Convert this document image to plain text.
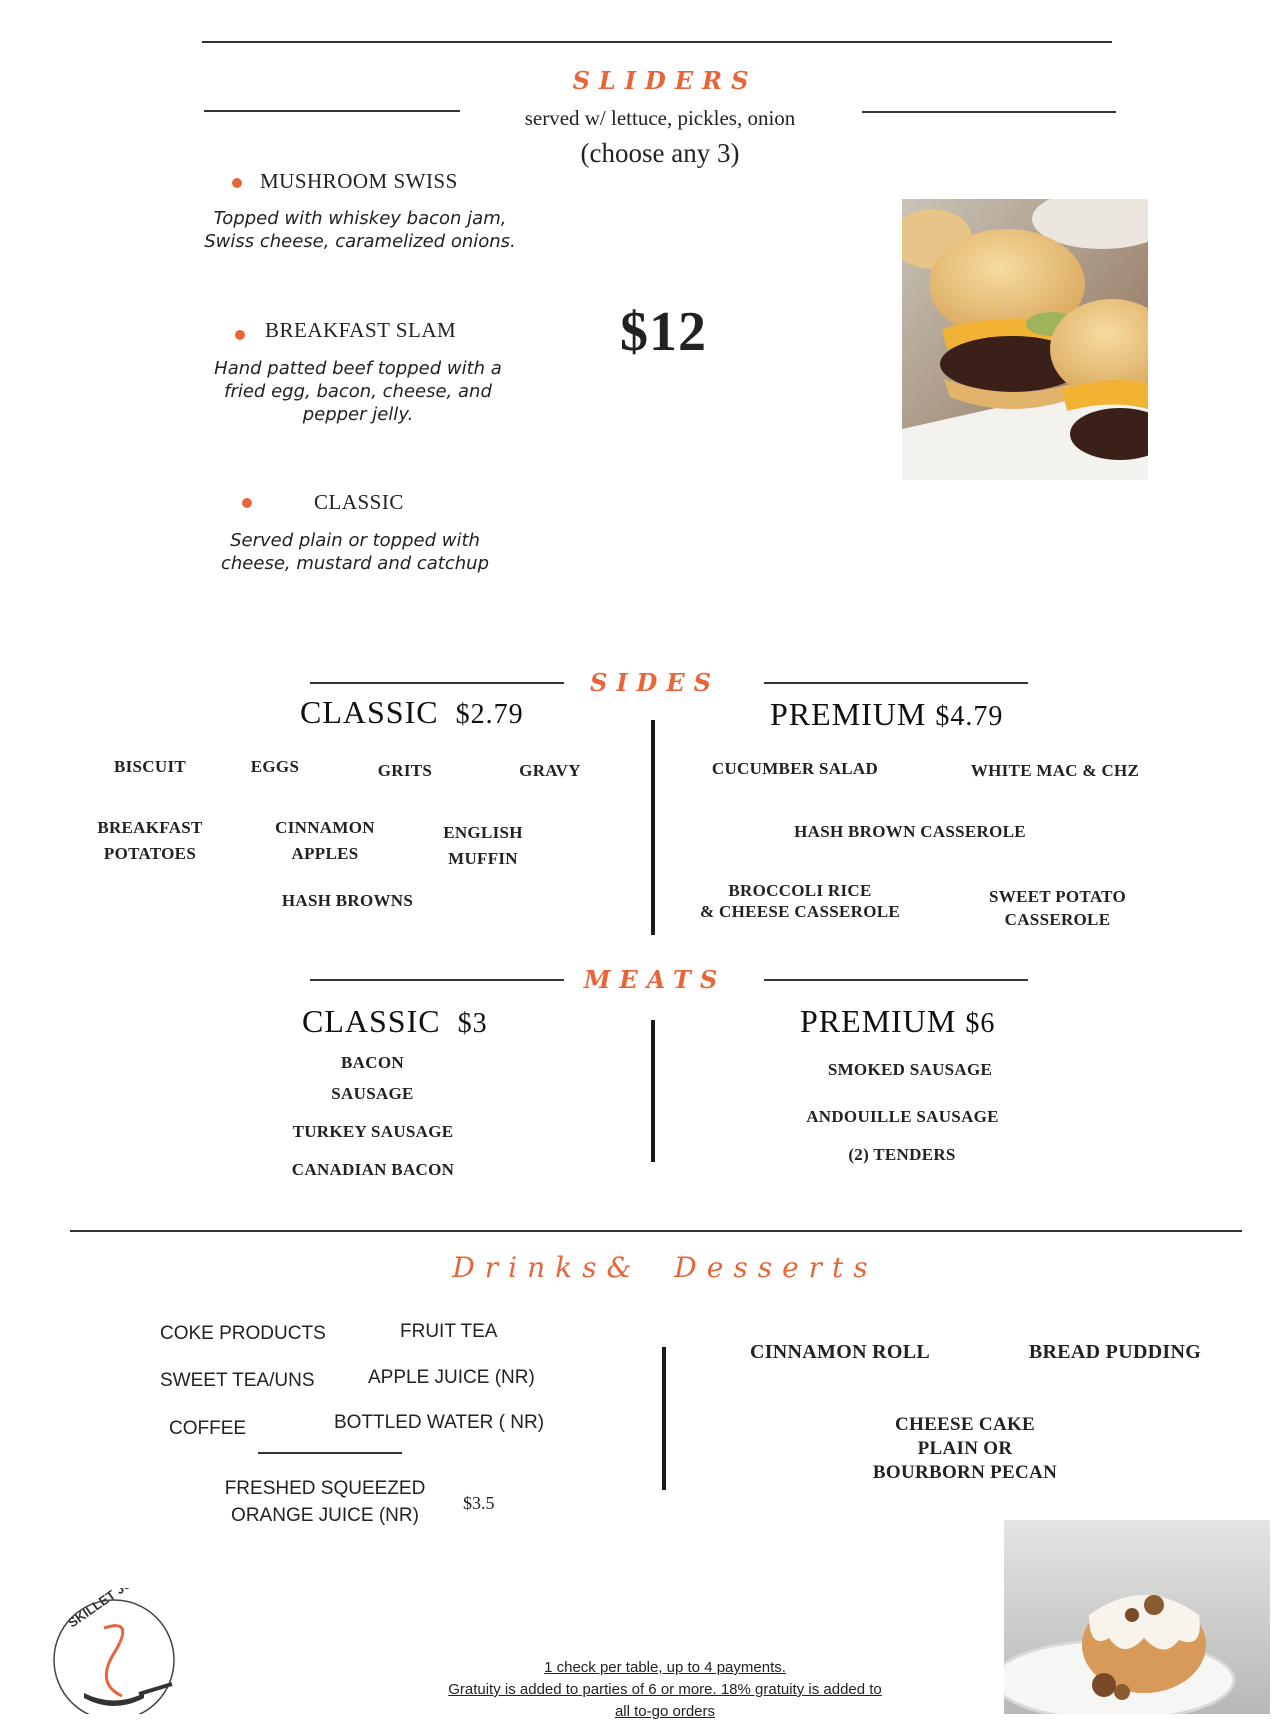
SLIDERS
served w/ lettuce, pickles, onion
(choose any 3)
MUSHROOM SWISS
Topped with whiskey bacon jam,
Swiss cheese, caramelized onions.
BREAKFAST SLAM
Hand patted beef topped with a
fried egg, bacon, cheese, and
pepper jelly.
CLASSIC
Served plain or topped with
cheese, mustard and catchup
$12
SIDES
CLASSIC $2.79	PREMIUM $4.79
BISCUIT	EGGS	GRITS	GRAVY
BREAKFAST
POTATOES
CINNAMON
APPLES
ENGLISH
MUFFIN
HASH BROWNS
CUCUMBER SALAD	WHITE MAC & CHZ
HASH BROWN CASSEROLE
BROCCOLI RICE
& CHEESE CASSEROLE
SWEET POTATO
CASSEROLE
MEATS
CLASSIC $3	PREMIUM $6
BACON
SAUSAGE
TURKEY SAUSAGE
CANADIAN BACON
SMOKED SAUSAGE
ANDOUILLE SAUSAGE
(2) TENDERS
Drinks& Desserts
COKE PRODUCTS	FRUIT TEA
SWEET TEA/UNS	APPLE JUICE (NR)
COFFEE	BOTTLED WATER ( NR)
FRESHED SQUEEZED
ORANGE JUICE (NR)
$3.5
CINNAMON ROLL	BREAD PUDDING
CHEESE CAKE
PLAIN OR
BOURBORN PECAN
SKILLET JUNCTION
1 check per table, up to 4 payments.
Gratuity is added to parties of 6 or more. 18% gratuity is added to
all to-go orders
